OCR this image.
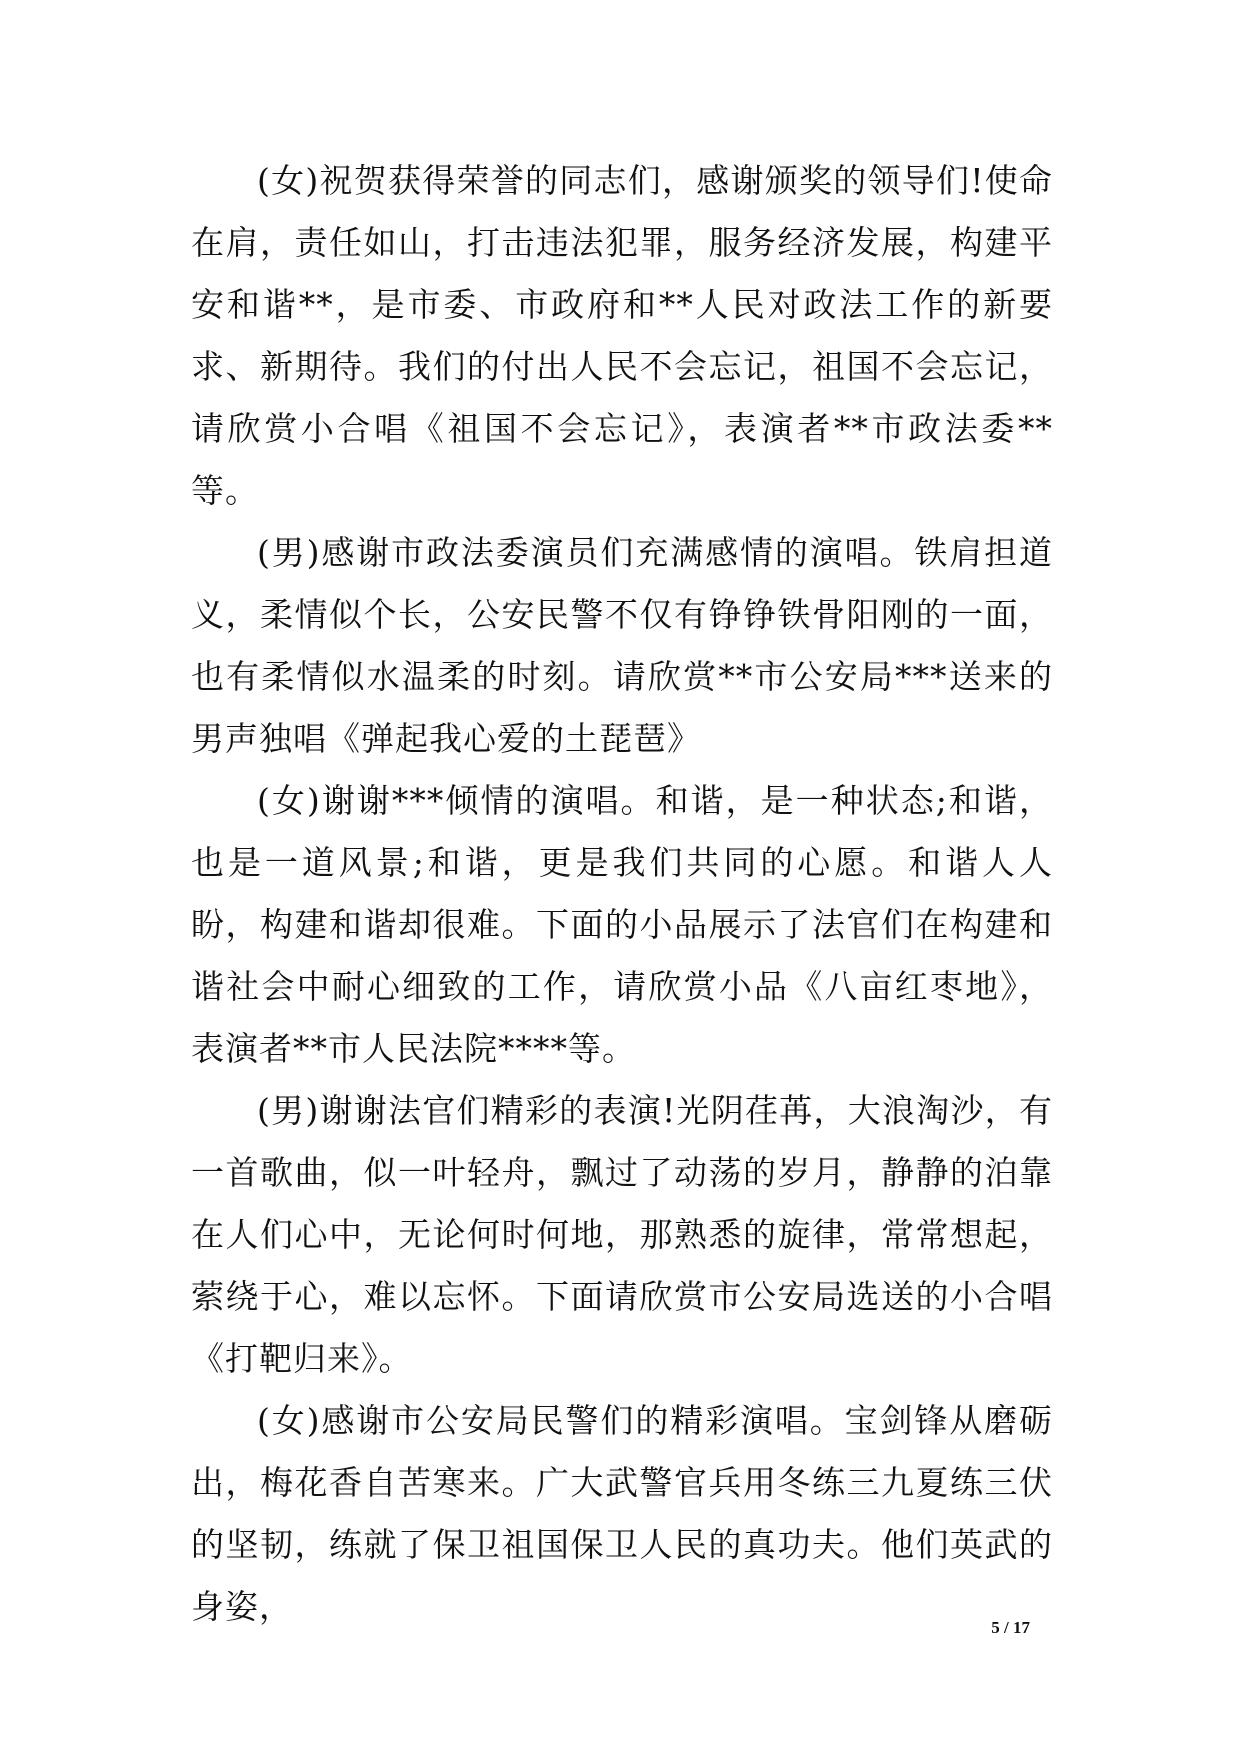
(女)祝贺获得荣誉的同志们，感谢颁奖的领导们!使命在肩，责任如山，打击违法犯罪，服务经济发展，构建平安和谐**，是市委、市政府和**人民对政法工作的新要求、新期待。我们的付出人民不会忘记，祖国不会忘记，请欣赏小合唱《祖国不会忘记》，表演者**市政法委**等。

(男)感谢市政法委演员们充满感情的演唱。铁肩担道义，柔情似个长，公安民警不仅有铮铮铁骨阳刚的一面，也有柔情似水温柔的时刻。请欣赏**市公安局***送来的男声独唱《弹起我心爱的土琵琶》

(女)谢谢***倾情的演唱。和谐，是一种状态;和谐，也是一道风景;和谐，更是我们共同的心愿。和谐人人盼，构建和谐却很难。下面的小品展示了法官们在构建和谐社会中耐心细致的工作，请欣赏小品《八亩红枣地》，表演者**市人民法院****等。

(男)谢谢法官们精彩的表演!光阴荏苒，大浪淘沙，有一首歌曲，似一叶轻舟，飘过了动荡的岁月，静静的泊靠在人们心中，无论何时何地，那熟悉的旋律，常常想起，萦绕于心，难以忘怀。下面请欣赏市公安局选送的小合唱《打靶归来》。

(女)感谢市公安局民警们的精彩演唱。宝剑锋从磨砺出，梅花香自苦寒来。广大武警官兵用冬练三九夏练三伏的坚韧，练就了保卫祖国保卫人民的真功夫。他们英武的身姿，

5 / 17
